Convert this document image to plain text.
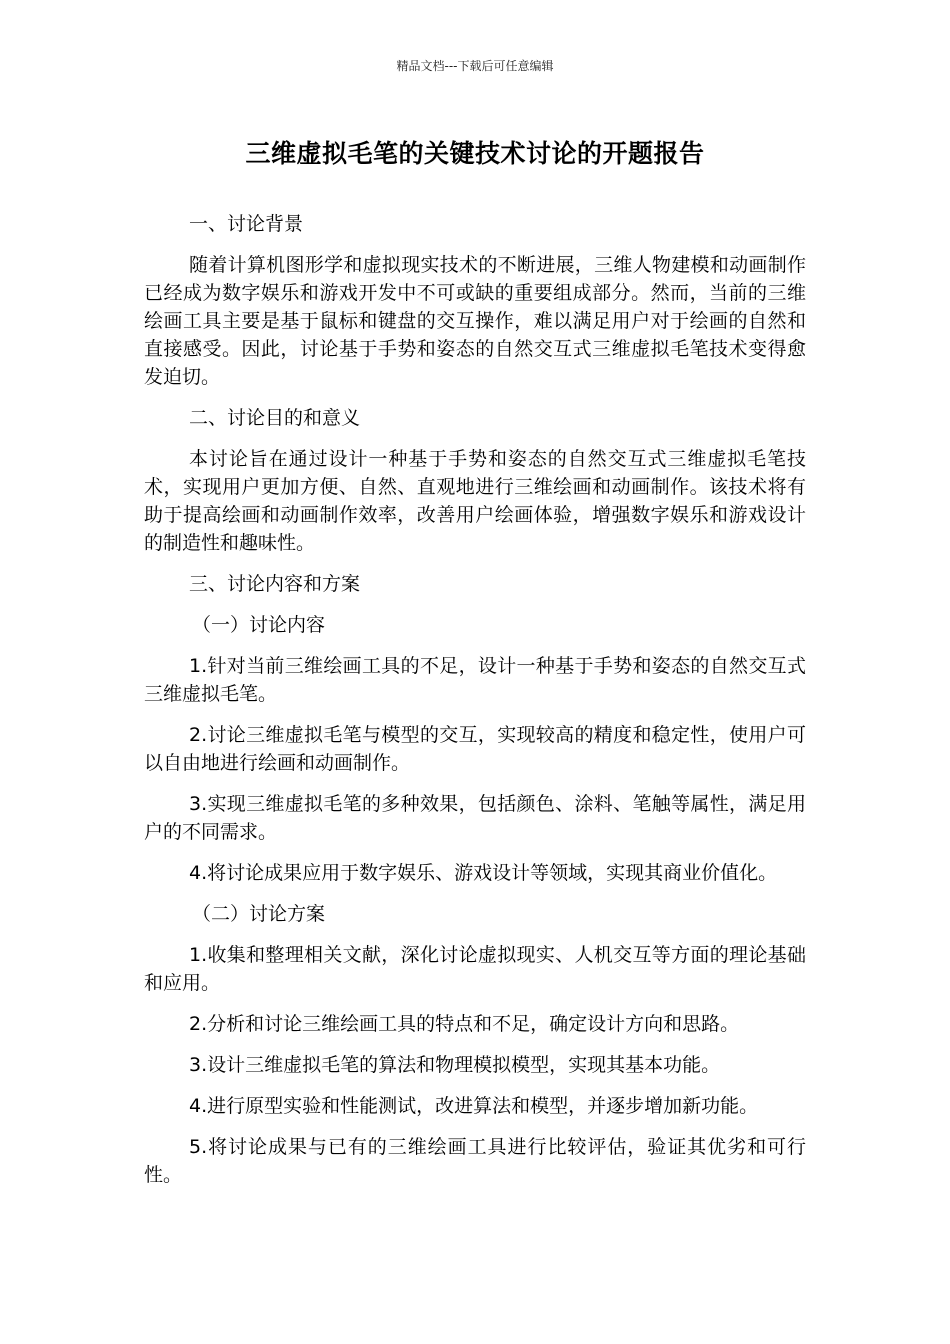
精品文档---下载后可任意编辑
三维虚拟毛笔的关键技术讨论的开题报告

一、讨论背景

随着计算机图形学和虚拟现实技术的不断进展，三维人物建模和动画制作已经成为数字娱乐和游戏开发中不可或缺的重要组成部分。然而，当前的三维绘画工具主要是基于鼠标和键盘的交互操作，难以满足用户对于绘画的自然和直接感受。因此，讨论基于手势和姿态的自然交互式三维虚拟毛笔技术变得愈发迫切。

二、讨论目的和意义

本讨论旨在通过设计一种基于手势和姿态的自然交互式三维虚拟毛笔技术，实现用户更加方便、自然、直观地进行三维绘画和动画制作。该技术将有助于提高绘画和动画制作效率，改善用户绘画体验，增强数字娱乐和游戏设计的制造性和趣味性。

三、讨论内容和方案

（一）讨论内容

1.针对当前三维绘画工具的不足，设计一种基于手势和姿态的自然交互式三维虚拟毛笔。

2.讨论三维虚拟毛笔与模型的交互，实现较高的精度和稳定性，使用户可以自由地进行绘画和动画制作。

3.实现三维虚拟毛笔的多种效果，包括颜色、涂料、笔触等属性，满足用户的不同需求。

4.将讨论成果应用于数字娱乐、游戏设计等领域，实现其商业价值化。

（二）讨论方案

1.收集和整理相关文献，深化讨论虚拟现实、人机交互等方面的理论基础和应用。

2.分析和讨论三维绘画工具的特点和不足，确定设计方向和思路。

3.设计三维虚拟毛笔的算法和物理模拟模型，实现其基本功能。

4.进行原型实验和性能测试，改进算法和模型，并逐步增加新功能。

5.将讨论成果与已有的三维绘画工具进行比较评估，验证其优劣和可行性。
